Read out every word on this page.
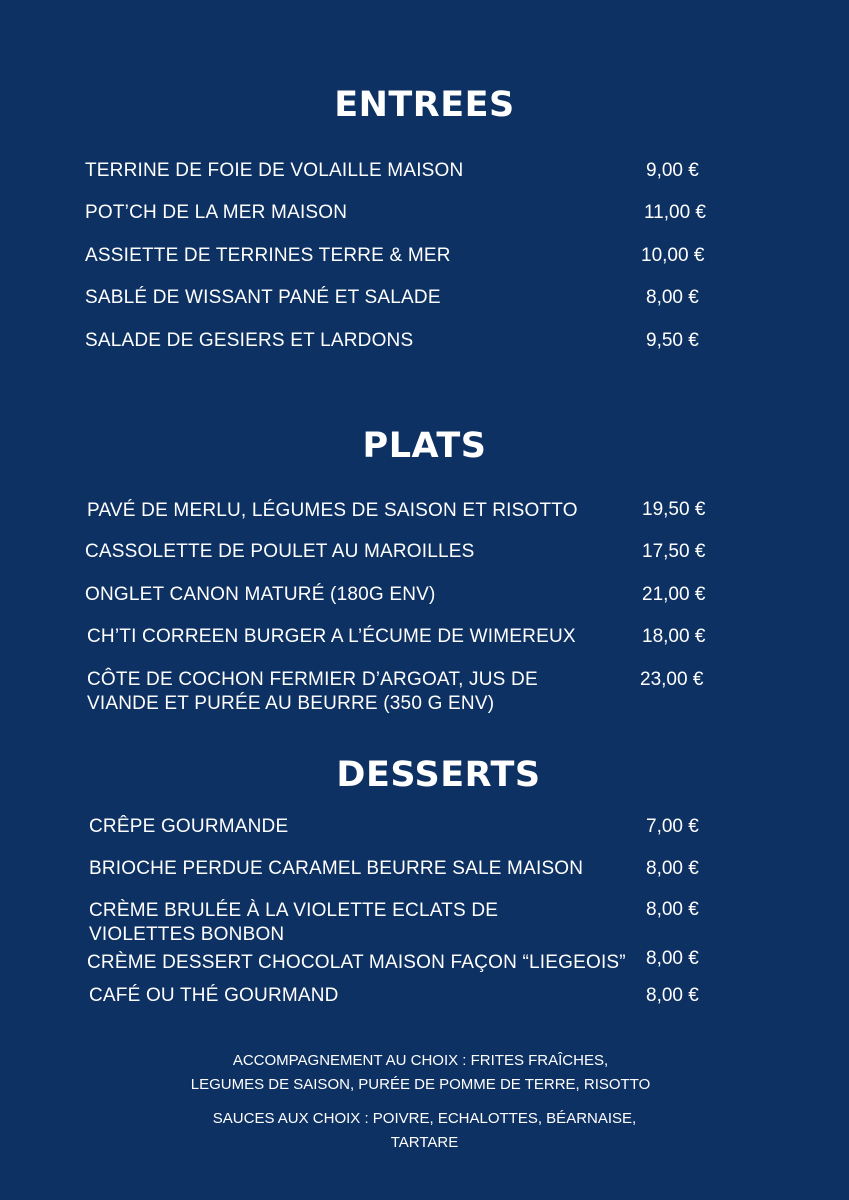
ENTREES
TERRINE DE FOIE DE VOLAILLE MAISON	9,00 €
POT’CH DE LA MER MAISON	11,00 €
ASSIETTE DE TERRINES TERRE & MER	10,00 €
SABLÉ DE WISSANT PANÉ ET SALADE	8,00 €
SALADE DE GESIERS ET LARDONS	9,50 €
PLATS
PAVÉ DE MERLU, LÉGUMES DE SAISON ET RISOTTO	19,50 €
CASSOLETTE DE POULET AU MAROILLES	17,50 €
ONGLET CANON MATURÉ (180G ENV)	21,00 €
CH’TI CORREEN BURGER A L’ÉCUME DE WIMEREUX	18,00 €
CÔTE DE COCHON FERMIER D’ARGOAT, JUS DE
VIANDE ET PURÉE AU BEURRE (350 G ENV)
23,00 €
DESSERTS
CRÊPE GOURMANDE	7,00 €
BRIOCHE PERDUE CARAMEL BEURRE SALE MAISON	8,00 €
CRÈME BRULÉE À LA VIOLETTE ECLATS DE
VIOLETTES BONBON
8,00 €
CRÈME DESSERT CHOCOLAT MAISON FAÇON “LIEGEOIS” 8,00 €
CAFÉ OU THÉ GOURMAND	8,00 €
ACCOMPAGNEMENT AU CHOIX : FRITES FRAÎCHES,
LEGUMES DE SAISON, PURÉE DE POMME DE TERRE, RISOTTO
SAUCES AUX CHOIX : POIVRE, ECHALOTTES, BÉARNAISE,
TARTARE
